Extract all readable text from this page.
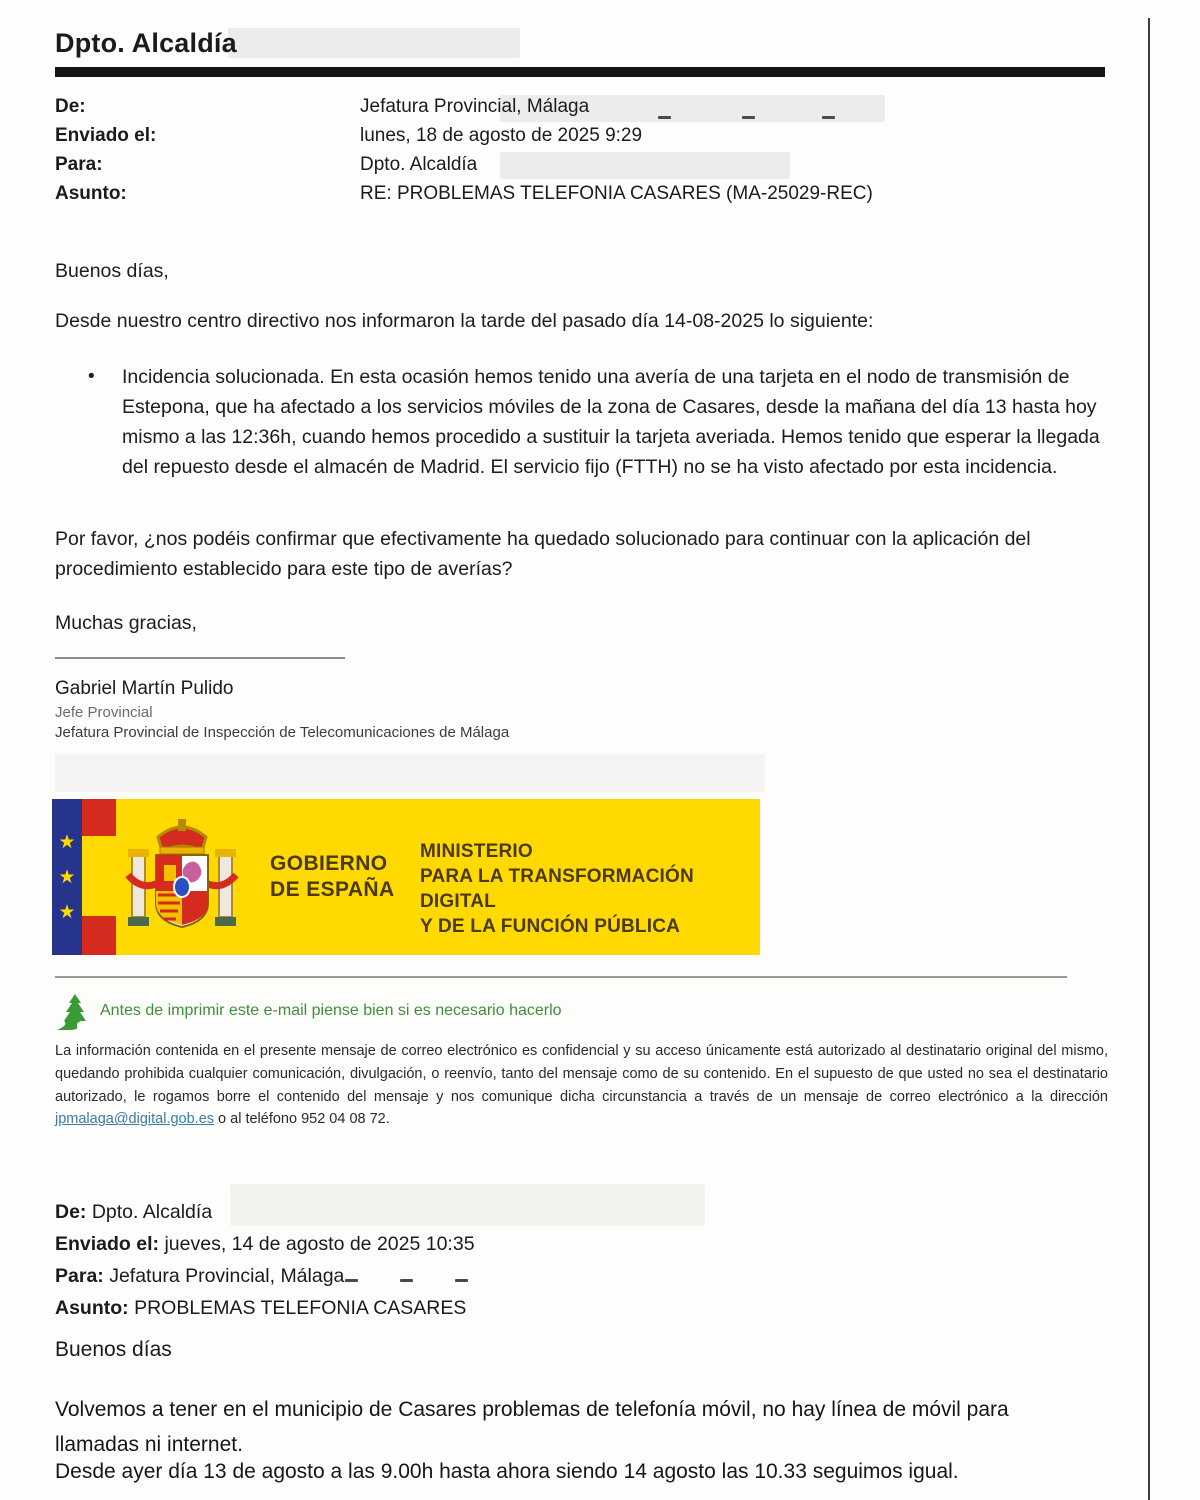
Dpto. Alcaldía
De:	Jefatura Provincial, Málaga
Enviado el:	lunes, 18 de agosto de 2025 9:29
Para:	Dpto. Alcaldía
Asunto:	RE: PROBLEMAS TELEFONIA CASARES (MA-25029-REC)
Buenos días,
Desde nuestro centro directivo nos informaron la tarde del pasado día 14-08-2025 lo siguiente:
•	Incidencia solucionada. En esta ocasión hemos tenido una avería de una tarjeta en el nodo de transmisión de Estepona, que ha afectado a los servicios móviles de la zona de Casares, desde la mañana del día 13 hasta hoy mismo a las 12:36h, cuando hemos procedido a sustituir la tarjeta averiada. Hemos tenido que esperar la llegada del repuesto desde el almacén de Madrid. El servicio fijo (FTTH) no se ha visto afectado por esta incidencia.
Por favor, ¿nos podéis confirmar que efectivamente ha quedado solucionado para continuar con la aplicación del procedimiento establecido para este tipo de averías?
Muchas gracias,
Gabriel Martín Pulido
Jefe Provincial
Jefatura Provincial de Inspección de Telecomunicaciones de Málaga
★
★
★
GOBIERNO
DE ESPAÑA
MINISTERIO
PARA LA TRANSFORMACIÓN DIGITAL
Y DE LA FUNCIÓN PÚBLICA
Antes de imprimir este e-mail piense bien si es necesario hacerlo

La información contenida en el presente mensaje de correo electrónico es confidencial y su acceso únicamente está autorizado al destinatario original del mismo, quedando prohibida cualquier comunicación, divulgación, o reenvío, tanto del mensaje como de su contenido. En el supuesto de que usted no sea el destinatario autorizado, le rogamos borre el contenido del mensaje y nos comunique dicha circunstancia a través de un mensaje de correo electrónico a la dirección jpmalaga@digital.gob.es o al teléfono 952 04 08 72.

De: Dpto. Alcaldía
Enviado el: jueves, 14 de agosto de 2025 10:35
Para: Jefatura Provincial, Málaga
Asunto: PROBLEMAS TELEFONIA CASARES
Buenos días
Volvemos a tener en el municipio de Casares problemas de telefonía móvil, no hay línea de móvil para llamadas ni internet.
Desde ayer día 13 de agosto a las 9.00h hasta ahora siendo 14 agosto las 10.33 seguimos igual.
